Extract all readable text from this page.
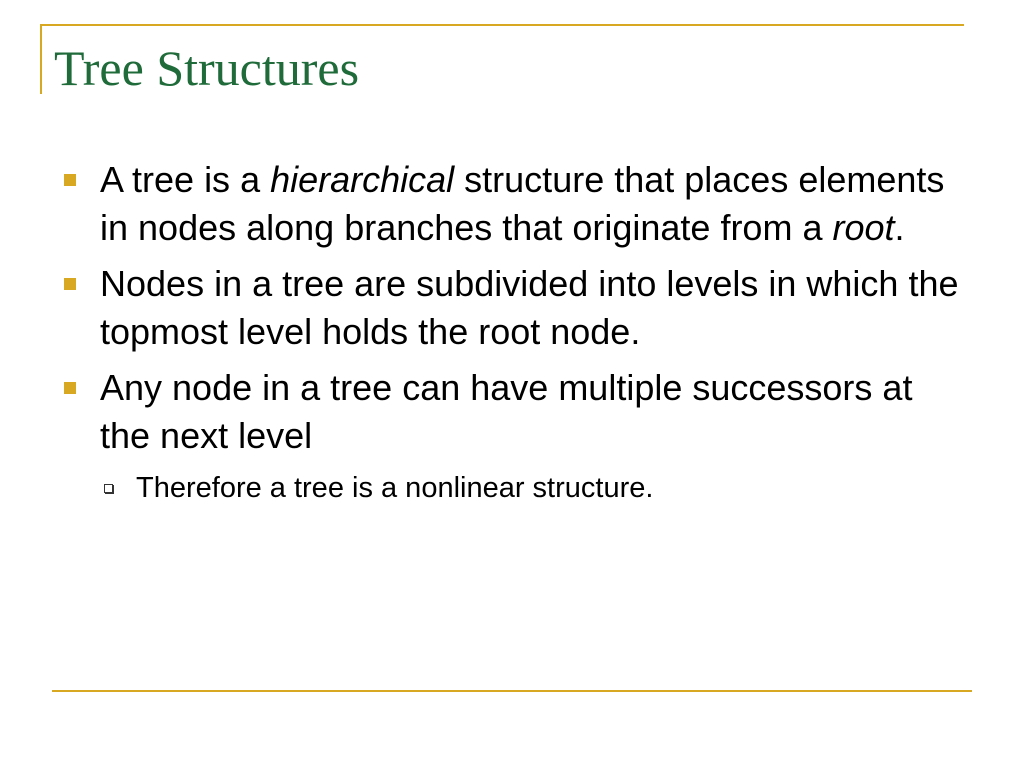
Tree Structures
A tree is a hierarchical structure that places elements in nodes along branches that originate from a root.
Nodes in a tree are subdivided into levels in which the topmost level holds the root node.
Any node in a tree can have multiple successors at the next level
Therefore a tree is a nonlinear structure.
